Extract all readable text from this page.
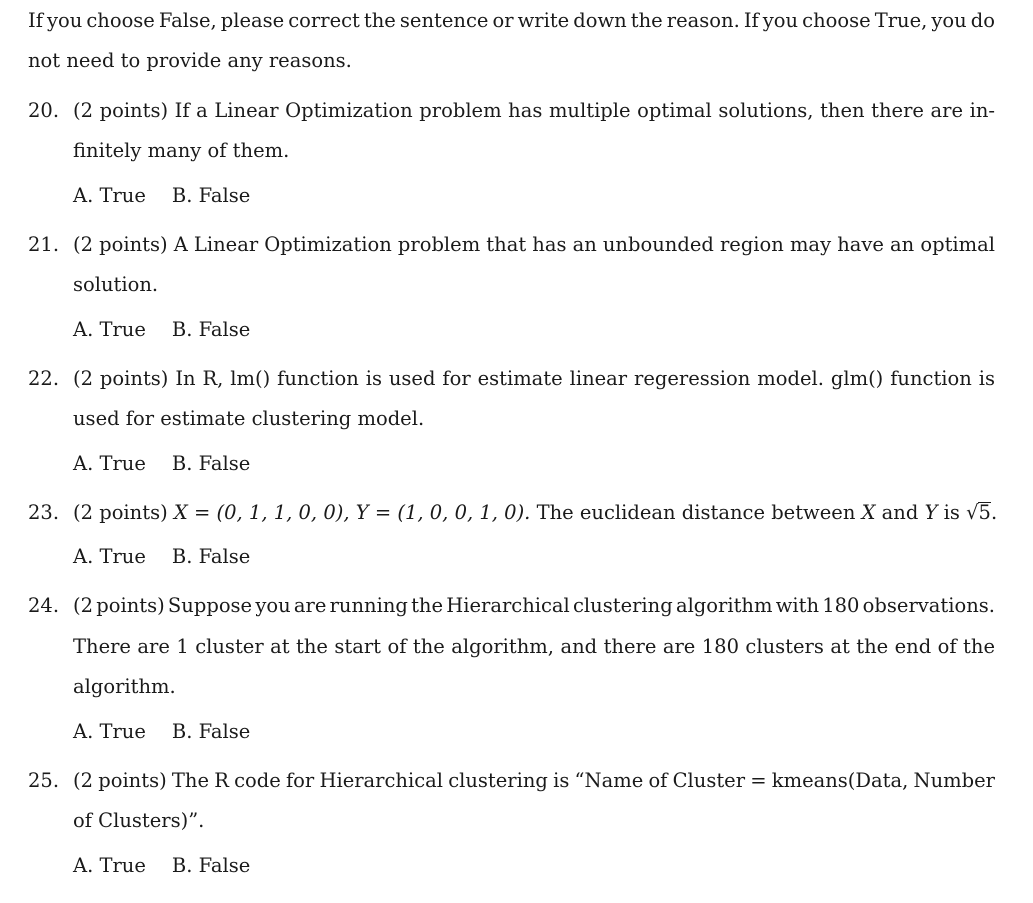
If you choose False, please correct the sentence or write down the reason. If you choose True, you do
not need to provide any reasons.
20. (2 points) If a Linear Optimization problem has multiple optimal solutions, then there are in-
finitely many of them.
A. True B. False
21. (2 points) A Linear Optimization problem that has an unbounded region may have an optimal
solution.
A. True B. False
22. (2 points) In R, lm() function is used for estimate linear regeression model. glm() function is
used for estimate clustering model.
A. True B. False
23. (2 points) X = (0, 1, 1, 0, 0), Y = (1, 0, 0, 1, 0). The euclidean distance between X and Y is √5.
A. True B. False
24. (2 points) Suppose you are running the Hierarchical clustering algorithm with 180 observations.
There are 1 cluster at the start of the algorithm, and there are 180 clusters at the end of the
algorithm.
A. True B. False
25. (2 points) The R code for Hierarchical clustering is “Name of Cluster = kmeans(Data, Number
of Clusters)”.
A. True B. False
